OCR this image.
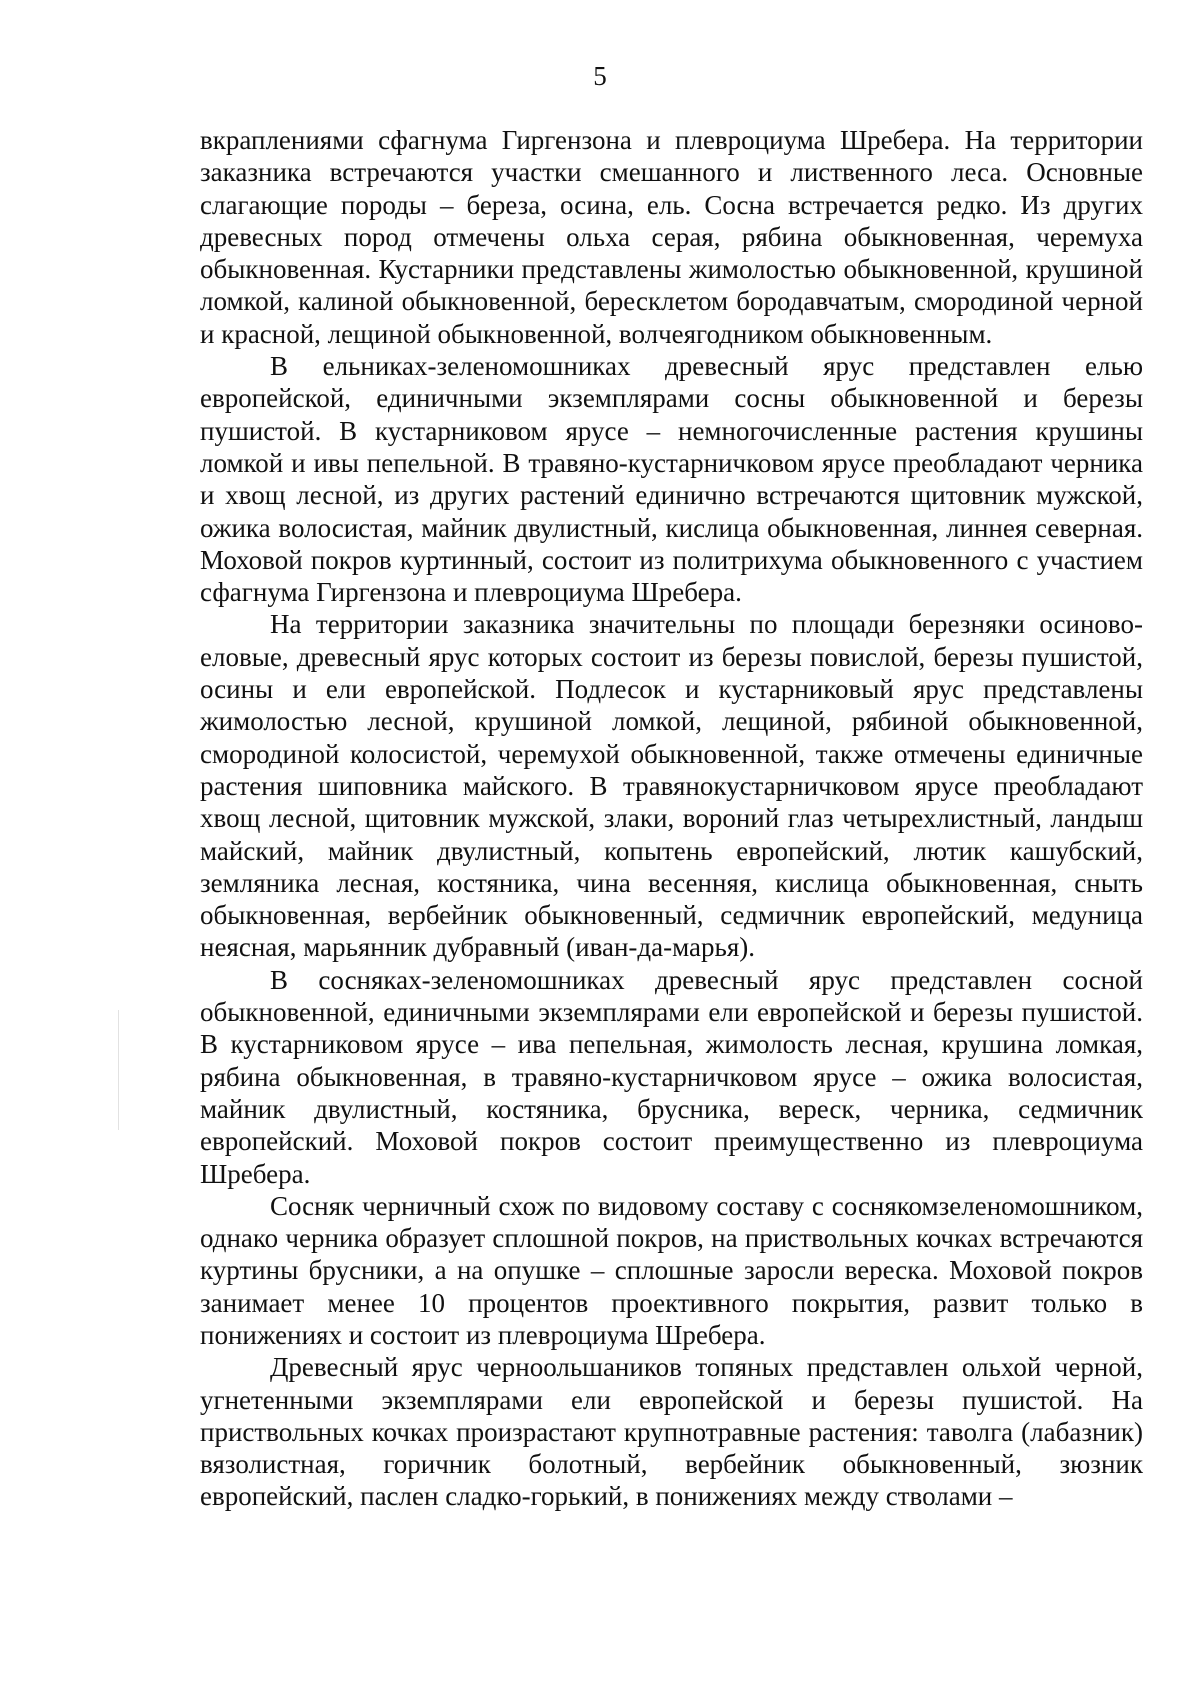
5

вкраплениями сфагнума Гиргензона и плевроциума Шребера. На территории заказника встречаются участки смешанного и лиственного леса. Основные слагающие породы – береза, осина, ель. Сосна встречается редко. Из других древесных пород отмечены ольха серая, рябина обыкновенная, черемуха обыкновенная. Кустарники представлены жимолостью обыкновенной, крушиной ломкой, калиной обыкновенной, бересклетом бородавчатым, смородиной черной и красной, лещиной обыкновенной, волчеягодником обыкновенным.

В ельниках-зеленомошниках древесный ярус представлен елью европейской, единичными экземплярами сосны обыкновенной и березы пушистой. В кустарниковом ярусе – немногочисленные растения крушины ломкой и ивы пепельной. В травяно-кустарничковом ярусе преобладают черника и хвощ лесной, из других растений единично встречаются щитовник мужской, ожика волосистая, майник двулистный, кислица обыкновенная, линнея северная. Моховой покров куртинный, состоит из политрихума обыкновенного с участием сфагнума Гиргензона и плевроциума Шребера.

На территории заказника значительны по площади березняки осиновоеловые, древесный ярус которых состоит из березы повислой, березы пушистой, осины и ели европейской. Подлесок и кустарниковый ярус представлены жимолостью лесной, крушиной ломкой, лещиной, рябиной обыкновенной, смородиной колосистой, черемухой обыкновенной, также отмечены единичные растения шиповника майского. В травянокустарничковом ярусе преобладают хвощ лесной, щитовник мужской, злаки, вороний глаз четырехлистный, ландыш майский, майник двулистный, копытень европейский, лютик кашубский, земляника лесная, костяника, чина весенняя, кислица обыкновенная, сныть обыкновенная, вербейник обыкновенный, седмичник европейский, медуница неясная, марьянник дубравный (иван-да-марья).

В сосняках-зеленомошниках древесный ярус представлен сосной обыкновенной, единичными экземплярами ели европейской и березы пушистой. В кустарниковом ярусе – ива пепельная, жимолость лесная, крушина ломкая, рябина обыкновенная, в травяно-кустарничковом ярусе – ожика волосистая, майник двулистный, костяника, брусника, вереск, черника, седмичник европейский. Моховой покров состоит преимущественно из плевроциума Шребера.

Сосняк черничный схож по видовому составу с соснякомзеленомошником, однако черника образует сплошной покров, на приствольных кочках встречаются куртины брусники, а на опушке – сплошные заросли вереска. Моховой покров занимает менее 10 процентов проективного покрытия, развит только в понижениях и состоит из плевроциума Шребера.

Древесный ярус черноольшаников топяных представлен ольхой черной, угнетенными экземплярами ели европейской и березы пушистой. На приствольных кочках произрастают крупнотравные растения: таволга (лабазник) вязолистная, горичник болотный, вербейник обыкновенный, зюзник европейский, паслен сладко-горький, в понижениях между стволами –
